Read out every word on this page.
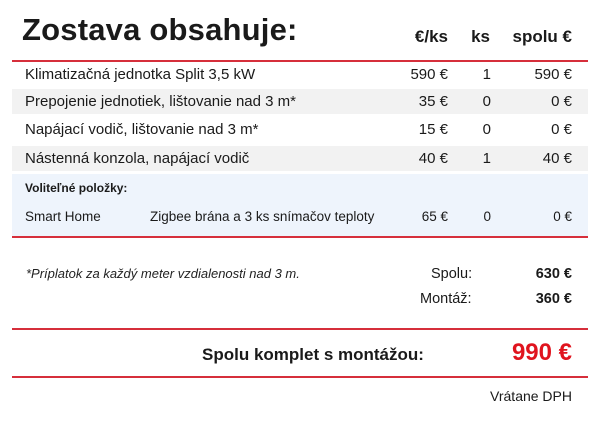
Zostava obsahuje:	€/ks ks spolu €
Klimatizačná jednotka Split 3,5 kW	590 € 1	590 €
Prepojenie jednotiek, lištovanie nad 3 m*	35 € 0	0 €
Napájací vodič, lištovanie nad 3 m*	15 € 0	0 €
Nástenná konzola, napájací vodič	40 € 1	40 €
Voliteľné položky:
Smart Home	Zigbee brána a 3 ks snímačov teploty	65 €	0	0 €
*Príplatok za každý meter vzdialenosti nad 3 m.	Spolu:	630 €
Montáž:	360 €
Spolu komplet s montážou:	990 €
Vrátane DPH
